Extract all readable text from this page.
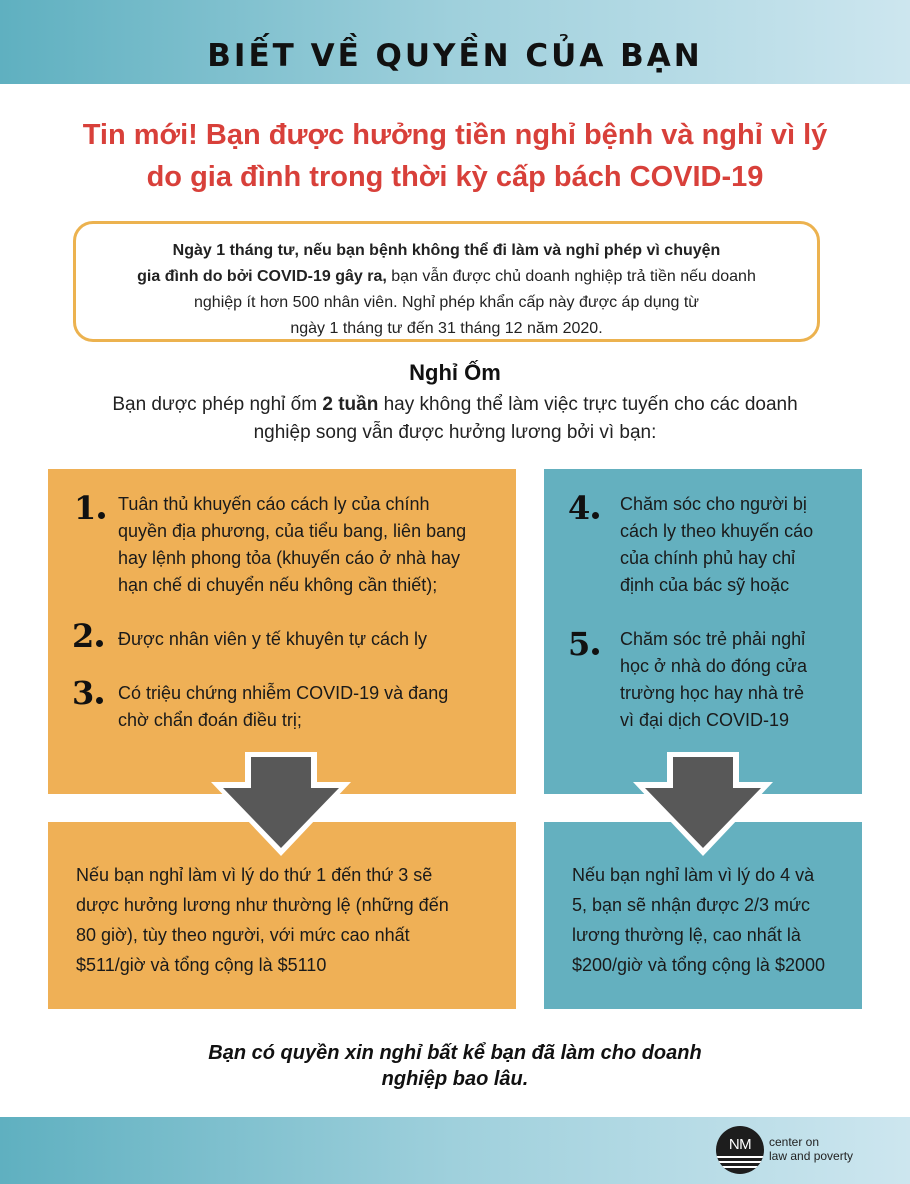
BIẾT VỀ QUYỀN CỦA BẠN
Tin mới! Bạn được hưởng tiền nghỉ bệnh và nghỉ vì lý
do gia đình trong thời kỳ cấp bách COVID-19
Ngày 1 tháng tư, nếu bạn bệnh không thể đi làm và nghỉ phép vì chuyện
gia đình do bởi COVID-19 gây ra, bạn vẫn được chủ doanh nghiệp trả tiền nếu doanh
nghiệp ít hơn 500 nhân viên. Nghỉ phép khẩn cấp này được áp dụng từ
ngày 1 tháng tư đến 31 tháng 12 năm 2020.
Nghỉ Ốm
Bạn dược phép nghỉ ốm 2 tuần hay không thể làm việc trực tuyến cho các doanh
nghiệp song vẫn được hưởng lương bởi vì bạn:
1	Tuân thủ khuyến cáo cách ly của chính
quyền địa phương, của tiểu bang, liên bang
hay lệnh phong tỏa (khuyến cáo ở nhà hay
hạn chế di chuyển nếu không cần thiết);
2	Được nhân viên y tế khuyên tự cách ly
3	Có triệu chứng nhiễm COVID-19 và đang
chờ chẩn đoán điều trị;
4	Chăm sóc cho người bị
cách ly theo khuyến cáo
của chính phủ hay chỉ
định của bác sỹ hoặc
5	Chăm sóc trẻ phải nghỉ
học ở nhà do đóng cửa
trường học hay nhà trẻ
vì đại dịch COVID-19
Nếu bạn nghỉ làm vì lý do thứ 1 đến thứ 3 sẽ
dược hưởng lương như thường lệ (những đến
80 giờ), tùy theo người, với mức cao nhất
$511/giờ và tổng cộng là $5110
Nếu bạn nghỉ làm vì lý do 4 và
5, bạn sẽ nhận được 2/3 mức
lương thường lệ, cao nhất là
$200/giờ và tổng cộng là $2000
Bạn có quyền xin nghỉ bất kể bạn đã làm cho doanh
nghiệp bao lâu.
NM	center on
law and poverty
